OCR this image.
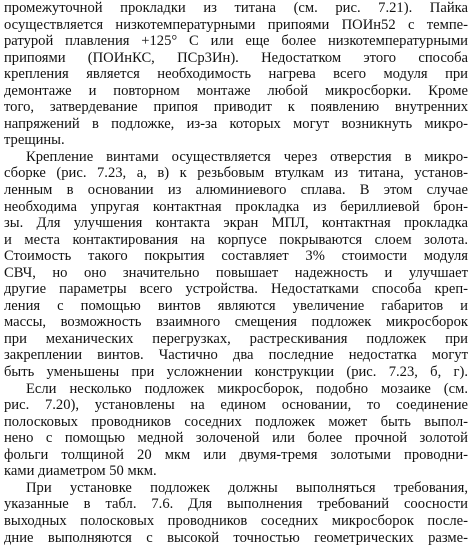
промежуточной прокладки из титана (см. рис. 7.21). Пайка
осуществляется низкотемпературными припоями ПОИн52 с темпе-
ратурой плавления +125° С или еще более низкотемпературными
припоями (ПОИнКС, ПСр3Ин). Недостатком этого способа
крепления является необходимость нагрева всего модуля при
демонтаже и повторном монтаже любой микросборки. Кроме
того, затвердевание припоя приводит к появлению внутренних
напряжений в подложке, из-за которых могут возникнуть микро-
трещины.
Крепление винтами осуществляется через отверстия в микро-
сборке (рис. 7.23, а, в) к резьбовым втулкам из титана, установ-
ленным в основании из алюминиевого сплава. В этом случае
необходима упругая контактная прокладка из бериллиевой брон-
зы. Для улучшения контакта экран МПЛ, контактная прокладка
и места контактирования на корпусе покрываются слоем золота.
Стоимость такого покрытия составляет 3% стоимости модуля
СВЧ, но оно значительно повышает надежность и улучшает
другие параметры всего устройства. Недостатками способа креп-
ления с помощью винтов являются увеличение габаритов и
массы, возможность взаимного смещения подложек микросборок
при механических перегрузках, растрескивания подложек при
закреплении винтов. Частично два последние недостатка могут
быть уменьшены при усложнении конструкции (рис. 7.23, б, г).
Если несколько подложек микросборок, подобно мозаике (см.
рис. 7.20), установлены на едином основании, то соединение
полосковых проводников соседних подложек может быть выпол-
нено с помощью медной золоченой или более прочной золотой
фольги толщиной 20 мкм или двумя-тремя золотыми проводни-
ками диаметром 50 мкм.
При установке подложек должны выполняться требования,
указанные в табл. 7.6. Для выполнения требований соосности
выходных полосковых проводников соседних микросборок после-
дние выполняются с высокой точностью геометрических разме-
